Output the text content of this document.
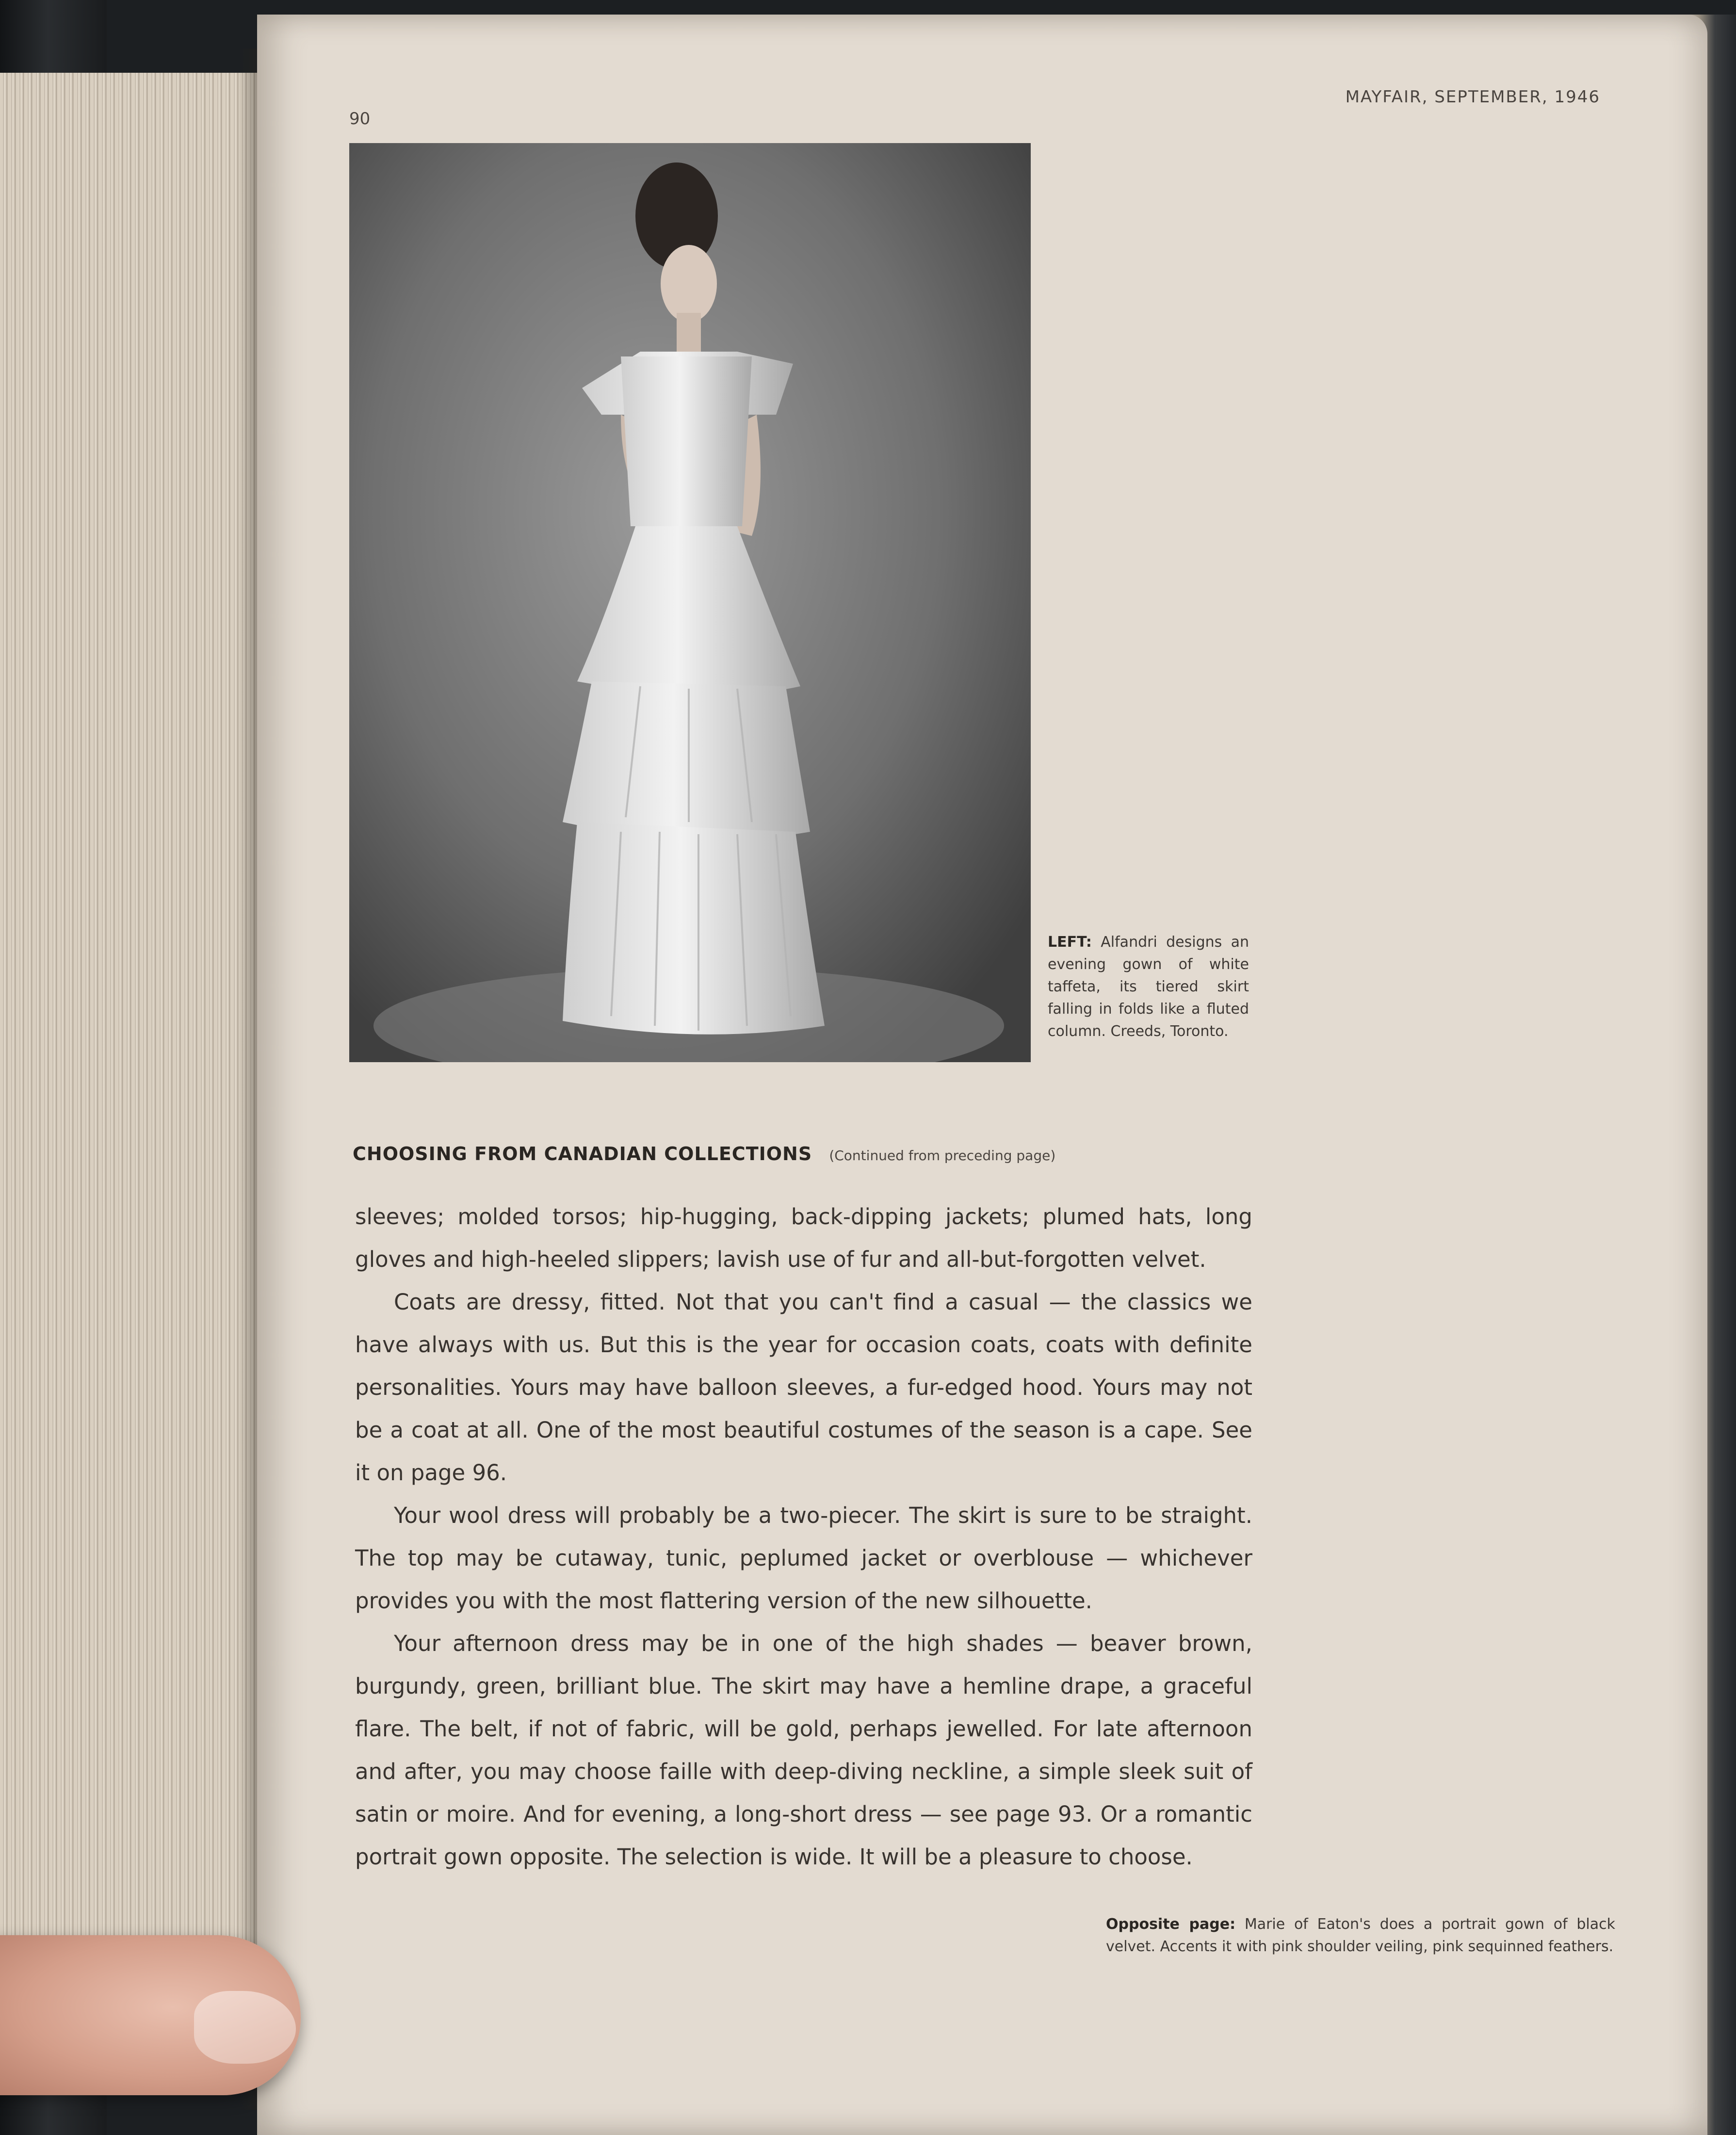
90
MAYFAIR, SEPTEMBER, 1946
LEFT: Alfandri designs an evening gown of white taffeta, its tiered skirt falling in folds like a fluted column. Creeds, Toronto.
CHOOSING FROM CANADIAN COLLECTIONS (Continued from preceding page)

sleeves; molded torsos; hip-hugging, back-dipping jackets; plumed hats, long gloves and high-heeled slippers; lavish use of fur and all-but-forgotten velvet.

Coats are dressy, fitted. Not that you can't find a casual — the classics we have always with us. But this is the year for occasion coats, coats with definite personalities. Yours may have balloon sleeves, a fur-edged hood. Yours may not be a coat at all. One of the most beautiful costumes of the season is a cape. See it on page 96.

Your wool dress will probably be a two-piecer. The skirt is sure to be straight. The top may be cutaway, tunic, peplumed jacket or overblouse — whichever provides you with the most flattering version of the new silhouette.

Your afternoon dress may be in one of the high shades — beaver brown, burgundy, green, brilliant blue. The skirt may have a hemline drape, a graceful flare. The belt, if not of fabric, will be gold, perhaps jewelled. For late afternoon and after, you may choose faille with deep-diving neckline, a simple sleek suit of satin or moire. And for evening, a long-short dress — see page 93. Or a romantic portrait gown opposite. The selection is wide. It will be a pleasure to choose.

Opposite page: Marie of Eaton's does a portrait gown of black velvet. Accents it with pink shoulder veiling, pink sequinned feathers.
